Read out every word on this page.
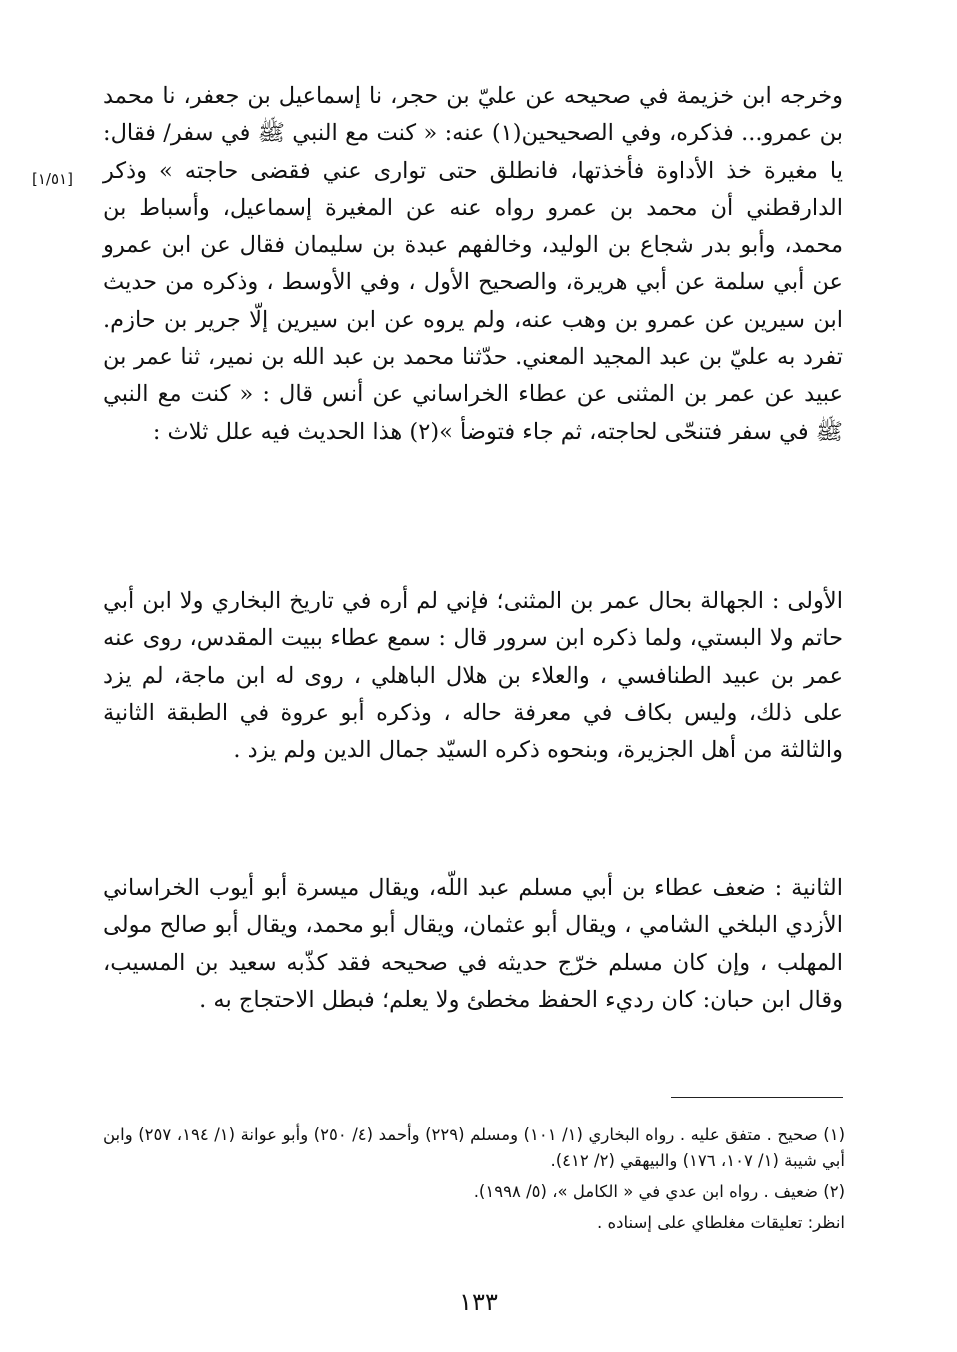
[١/٥١]

وخرجه ابن خزيمة في صحيحه عن عليّ بن حجر، نا إسماعيل بن جعفر، نا محمد بن عمرو... فذكره، وفي الصحيحين(١) عنه: « كنت مع النبي ﷺ في سفر/ فقال: يا مغيرة خذ الأداوة فأخذتها، فانطلق حتى توارى عني فقضى حاجته » وذكر الدارقطني أن محمد بن عمرو رواه عنه عن المغيرة إسماعيل، وأسباط بن محمد، وأبو بدر شجاع بن الوليد، وخالفهم عبدة بن سليمان فقال عن ابن عمرو عن أبي سلمة عن أبي هريرة، والصحيح الأول ، وفي الأوسط ، وذكره من حديث ابن سيرين عن عمرو بن وهب عنه، ولم يروه عن ابن سيرين إلّا جرير بن حازم. تفرد به عليّ بن عبد المجيد المعني. حدّثنا محمد بن عبد الله بن نمير، ثنا عمر بن عبيد عن عمر بن المثنى عن عطاء الخراساني عن أنس قال : « كنت مع النبي ﷺ في سفر فتنحّى لحاجته، ثم جاء فتوضأ »(٢) هذا الحديث فيه علل ثلاث :

الأولى : الجهالة بحال عمر بن المثنى؛ فإني لم أره في تاريخ البخاري ولا ابن أبي حاتم ولا البستي، ولما ذكره ابن سرور قال : سمع عطاء ببيت المقدس، روى عنه عمر بن عبيد الطنافسي ، والعلاء بن هلال الباهلي ، روى له ابن ماجة، لم يزد على ذلك، وليس بكاف في معرفة حاله ، وذكره أبو عروة في الطبقة الثانية والثالثة من أهل الجزيرة، وبنحوه ذكره السيّد جمال الدين ولم يزد .

الثانية : ضعف عطاء بن أبي مسلم عبد اللّه، ويقال ميسرة أبو أيوب الخراساني الأزدي البلخي الشامي ، ويقال أبو عثمان، ويقال أبو محمد، ويقال أبو صالح مولى المهلب ، وإن كان مسلم خرّج حديثه في صحيحه فقد كذّبه سعيد بن المسيب، وقال ابن حبان: كان رديء الحفظ مخطئ ولا يعلم؛ فبطل الاحتجاج به .

(١) صحيح . متفق عليه . رواه البخاري (١/ ١٠١) ومسلم (٢٢٩) وأحمد (٤/ ٢٥٠) وأبو عوانة (١/ ١٩٤، ٢٥٧) وابن أبي شيبة (١/ ١٠٧، ١٧٦) والبيهقي (٢/ ٤١٢).

(٢) ضعيف . رواه ابن عدي في « الكامل »، (٥/ ١٩٩٨).

انظر: تعليقات مغلطاي على إسناده .

١٣٣
